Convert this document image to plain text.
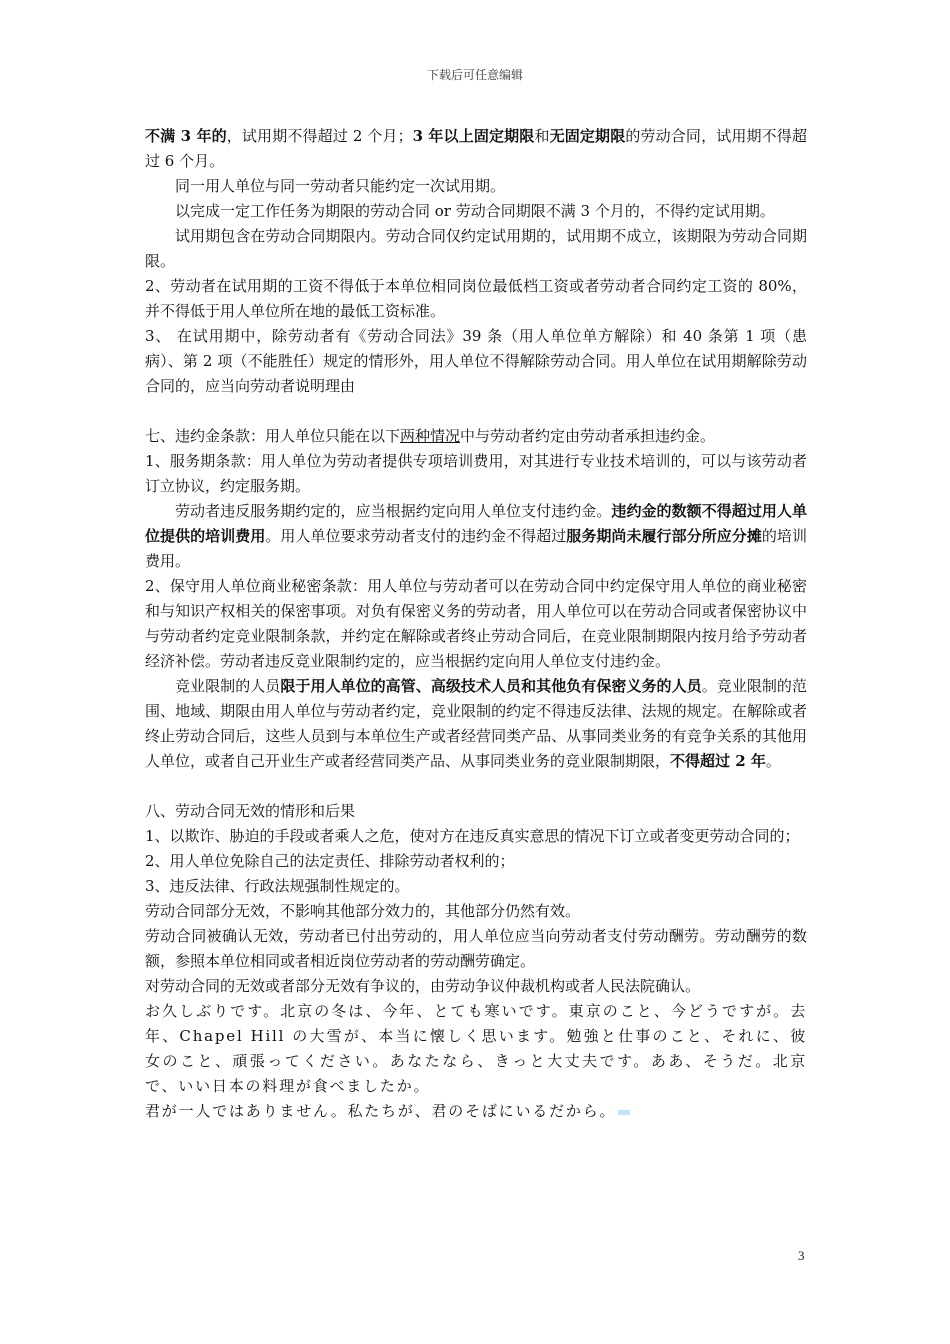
下载后可任意编辑

不满 3 年的，试用期不得超过 2 个月；3 年以上固定期限和无固定期限的劳动合同，试用期不得超过 6 个月。

同一用人单位与同一劳动者只能约定一次试用期。

以完成一定工作任务为期限的劳动合同 or 劳动合同期限不满 3 个月的，不得约定试用期。

试用期包含在劳动合同期限内。劳动合同仅约定试用期的，试用期不成立，该期限为劳动合同期限。

2、劳动者在试用期的工资不得低于本单位相同岗位最低档工资或者劳动者合同约定工资的 80%，并不得低于用人单位所在地的最低工资标准。

3、 在试用期中，除劳动者有《劳动合同法》39 条（用人单位单方解除）和 40 条第 1 项（患病）、第 2 项（不能胜任）规定的情形外，用人单位不得解除劳动合同。用人单位在试用期解除劳动合同的，应当向劳动者说明理由

七、违约金条款：用人单位只能在以下两种情况中与劳动者约定由劳动者承担违约金。

1、服务期条款：用人单位为劳动者提供专项培训费用，对其进行专业技术培训的，可以与该劳动者订立协议，约定服务期。

劳动者违反服务期约定的，应当根据约定向用人单位支付违约金。违约金的数额不得超过用人单位提供的培训费用。用人单位要求劳动者支付的违约金不得超过服务期尚未履行部分所应分摊的培训费用。

2、保守用人单位商业秘密条款：用人单位与劳动者可以在劳动合同中约定保守用人单位的商业秘密和与知识产权相关的保密事项。对负有保密义务的劳动者，用人单位可以在劳动合同或者保密协议中与劳动者约定竞业限制条款，并约定在解除或者终止劳动合同后，在竞业限制期限内按月给予劳动者经济补偿。劳动者违反竞业限制约定的，应当根据约定向用人单位支付违约金。

竞业限制的人员限于用人单位的高管、高级技术人员和其他负有保密义务的人员。竞业限制的范围、地域、期限由用人单位与劳动者约定，竞业限制的约定不得违反法律、法规的规定。在解除或者终止劳动合同后，这些人员到与本单位生产或者经营同类产品、从事同类业务的有竞争关系的其他用人单位，或者自己开业生产或者经营同类产品、从事同类业务的竞业限制期限，不得超过 2 年。

八、劳动合同无效的情形和后果

1、以欺诈、胁迫的手段或者乘人之危，使对方在违反真实意思的情况下订立或者变更劳动合同的；

2、用人单位免除自己的法定责任、排除劳动者权利的；

3、违反法律、行政法规强制性规定的。

劳动合同部分无效，不影响其他部分效力的，其他部分仍然有效。

劳动合同被确认无效，劳动者已付出劳动的，用人单位应当向劳动者支付劳动酬劳。劳动酬劳的数额，参照本单位相同或者相近岗位劳动者的劳动酬劳确定。

对劳动合同的无效或者部分无效有争议的，由劳动争议仲裁机构或者人民法院确认。

お久しぶりです。北京の冬は、今年、とても寒いです。東京のこと、今どうですが。去年、Chapel Hill の大雪が、本当に懐しく思います。勉強と仕事のこと、それに、彼女のこと、頑張ってください。あなたなら、きっと大丈夫です。ああ、そうだ。北京で、いい日本の料理が食べましたか。

君が一人ではありません。私たちが、君のそばにいるだから。

3
